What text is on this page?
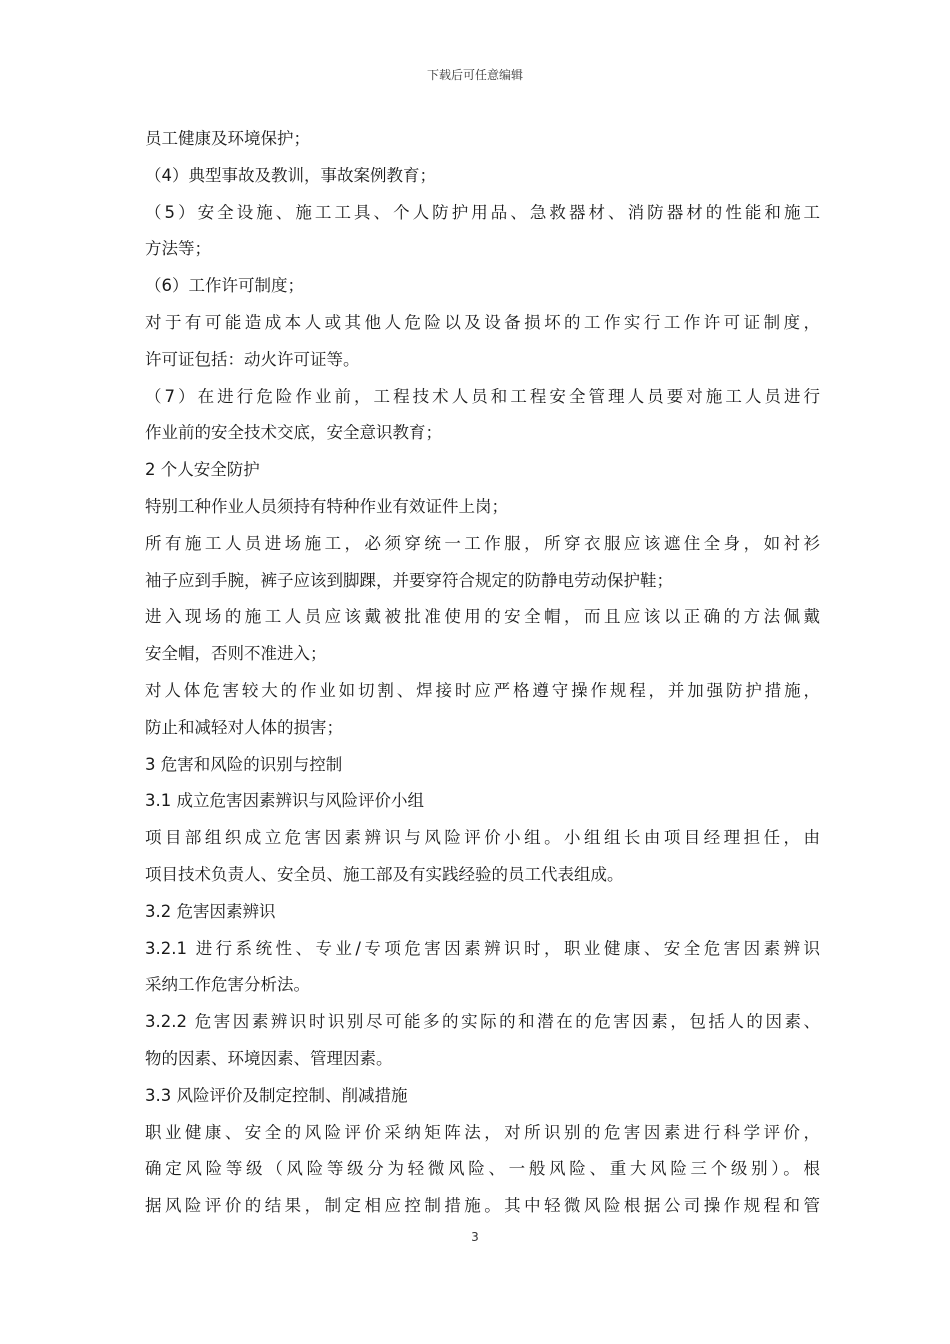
下载后可任意编辑
员工健康及环境保护；
（4）典型事故及教训，事故案例教育；
（5）安全设施、施工工具、个人防护用品、急救器材、消防器材的性能和施工
方法等；
（6）工作许可制度；
对于有可能造成本人或其他人危险以及设备损坏的工作实行工作许可证制度，
许可证包括：动火许可证等。
（7）在进行危险作业前，工程技术人员和工程安全管理人员要对施工人员进行
作业前的安全技术交底，安全意识教育；
2 个人安全防护
特别工种作业人员须持有特种作业有效证件上岗；
所有施工人员进场施工，必须穿统一工作服，所穿衣服应该遮住全身，如衬衫
袖子应到手腕，裤子应该到脚踝，并要穿符合规定的防静电劳动保护鞋；
进入现场的施工人员应该戴被批准使用的安全帽，而且应该以正确的方法佩戴
安全帽，否则不准进入；
对人体危害较大的作业如切割、焊接时应严格遵守操作规程，并加强防护措施，
防止和减轻对人体的损害；
3 危害和风险的识别与控制
3.1 成立危害因素辨识与风险评价小组
项目部组织成立危害因素辨识与风险评价小组。小组组长由项目经理担任，由
项目技术负责人、安全员、施工部及有实践经验的员工代表组成。
3.2 危害因素辨识
3.2.1 进行系统性、专业/专项危害因素辨识时，职业健康、安全危害因素辨识
采纳工作危害分析法。
3.2.2 危害因素辨识时识别尽可能多的实际的和潜在的危害因素，包括人的因素、
物的因素、环境因素、管理因素。
3.3 风险评价及制定控制、削减措施
职业健康、安全的风险评价采纳矩阵法，对所识别的危害因素进行科学评价，
确定风险等级（风险等级分为轻微风险、一般风险、重大风险三个级别）。根
据风险评价的结果，制定相应控制措施。其中轻微风险根据公司操作规程和管
3
